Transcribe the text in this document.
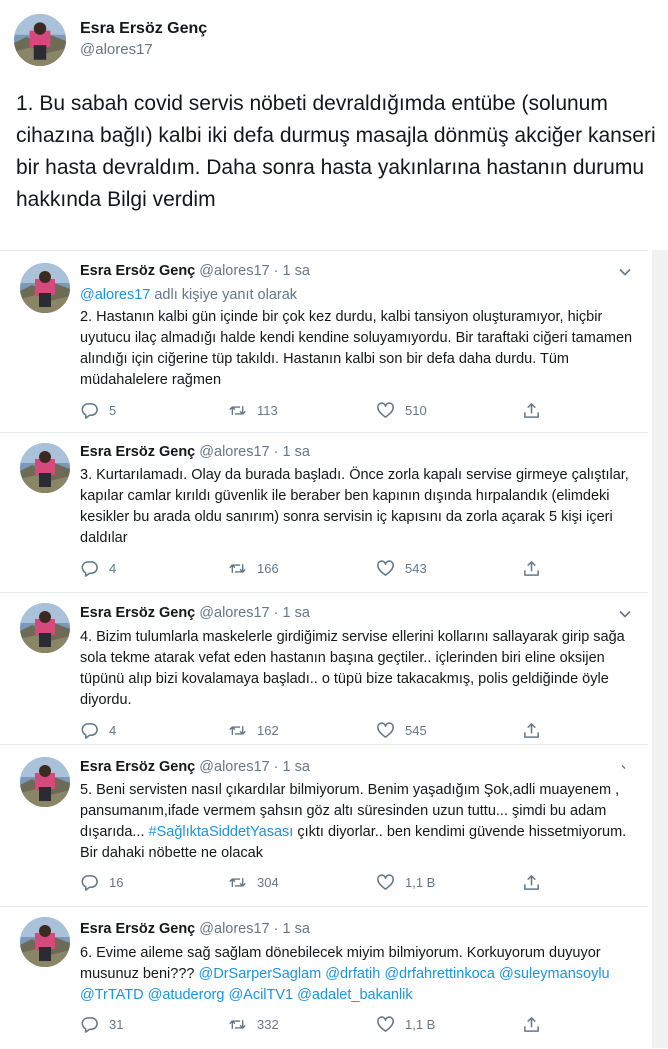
Esra Ersöz Genç
@alores17
1. Bu sabah covid servis nöbeti devraldığımda entübe (solunum cihazına bağlı) kalbi iki defa durmuş masajla dönmüş akciğer kanseri bir hasta devraldım. Daha sonra hasta yakınlarına hastanın durumu hakkında Bilgi verdim
Esra Ersöz Genç @alores17 · 1 sa
@alores17 adlı kişiye yanıt olarak
2. Hastanın kalbi gün içinde bir çok kez durdu, kalbi tansiyon oluşturamıyor, hiçbir uyutucu ilaç almadığı halde kendi kendine soluyamıyordu. Bir taraftaki ciğeri tamamen alındığı için ciğerine tüp takıldı. Hastanın kalbi son bir defa daha durdu. Tüm müdahalelere rağmen
5	113	510
Esra Ersöz Genç @alores17 · 1 sa
3. Kurtarılamadı. Olay da burada başladı. Önce zorla kapalı servise girmeye çalıştılar, kapılar camlar kırıldı güvenlik ile beraber ben kapının dışında hırpalandık (elimdeki kesikler bu arada oldu sanırım) sonra servisin iç kapısını da zorla açarak 5 kişi içeri daldılar
4	166	543
Esra Ersöz Genç @alores17 · 1 sa
4. Bizim tulumlarla maskelerle girdiğimiz servise ellerini kollarını sallayarak girip sağa sola tekme atarak vefat eden hastanın başına geçtiler.. içlerinden biri eline oksijen tüpünü alıp bizi kovalamaya başladı.. o tüpü bize takacakmış, polis geldiğinde öyle diyordu.
4	162	545
Esra Ersöz Genç @alores17 · 1 sa
5. Beni servisten nasıl çıkardılar bilmiyorum. Benim yaşadığım Şok,adli muayenem , pansumanım,ifade vermem şahsın göz altı süresinden uzun tuttu... şimdi bu adam dışarıda... #SağlıktaSiddetYasası çıktı diyorlar.. ben kendimi güvende hissetmiyorum. Bir dahaki nöbette ne olacak
16	304	1,1 B
Esra Ersöz Genç @alores17 · 1 sa
6. Evime aileme sağ sağlam dönebilecek miyim bilmiyorum. Korkuyorum duyuyor musunuz beni??? @DrSarperSaglam @drfatih @drfahrettinkoca @suleymansoylu @TrTATD @atuderorg @AcilTV1 @adalet_bakanlik
31	332	1,1 B
